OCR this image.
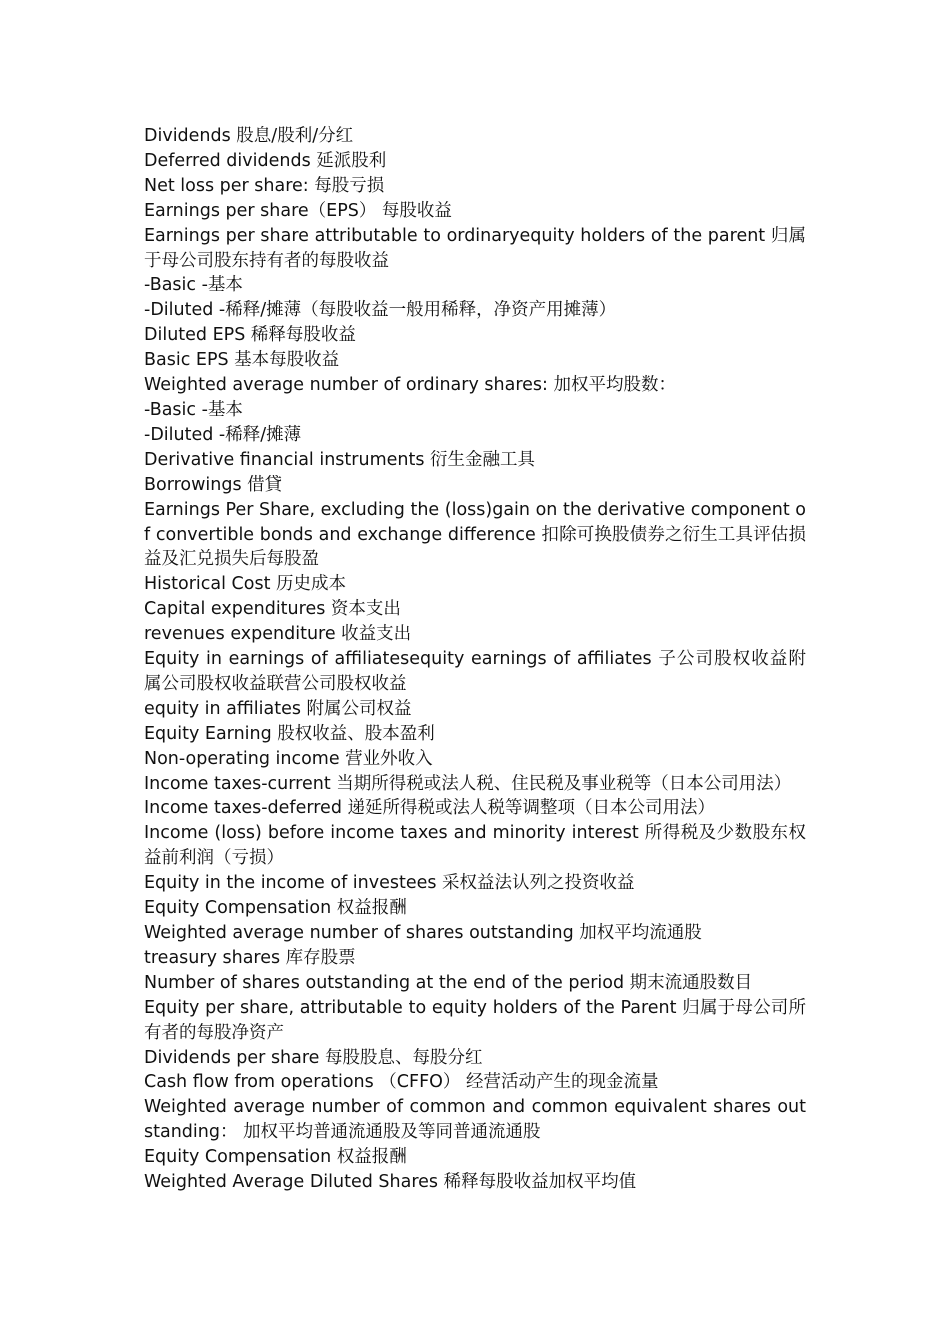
Dividends 股息/股利/分红

Deferred dividends 延派股利

Net loss per share: 每股亏损

Earnings per share（EPS） 每股收益

Earnings per share attributable to ordinaryequity holders of the parent 归属于母公司股东持有者的每股收益

-Basic -基本

-Diluted -稀释/摊薄（每股收益一般用稀释，净资产用摊薄）

Diluted EPS 稀释每股收益

Basic EPS 基本每股收益

Weighted average number of ordinary shares: 加权平均股数：

-Basic -基本

-Diluted -稀释/摊薄

Derivative financial instruments 衍生金融工具

Borrowings 借貸

Earnings Per Share, excluding the (loss)gain on the derivative component of convertible bonds and exchange difference 扣除可换股债券之衍生工具评估损益及汇兑损失后每股盈

Historical Cost 历史成本

Capital expenditures 资本支出

revenues expenditure 收益支出

Equity in earnings of affiliatesequity earnings of affiliates 子公司股权收益附属公司股权收益联营公司股权收益

equity in affiliates 附属公司权益

Equity Earning 股权收益、股本盈利

Non-operating income 营业外收入

Income taxes-current 当期所得税或法人税、住民税及事业税等（日本公司用法）

Income taxes-deferred 递延所得税或法人税等调整项（日本公司用法）

Income (loss) before income taxes and minority interest 所得税及少数股东权益前利润（亏损）

Equity in the income of investees 采权益法认列之投资收益

Equity Compensation 权益报酬

Weighted average number of shares outstanding 加权平均流通股

treasury shares 库存股票

Number of shares outstanding at the end of the period 期末流通股数目

Equity per share, attributable to equity holders of the Parent 归属于母公司所有者的每股净资产

Dividends per share 每股股息、每股分红

Cash flow from operations （CFFO） 经营活动产生的现金流量

Weighted average number of common and common equivalent shares outstanding： 加权平均普通流通股及等同普通流通股

Equity Compensation 权益报酬

Weighted Average Diluted Shares 稀释每股收益加权平均值
